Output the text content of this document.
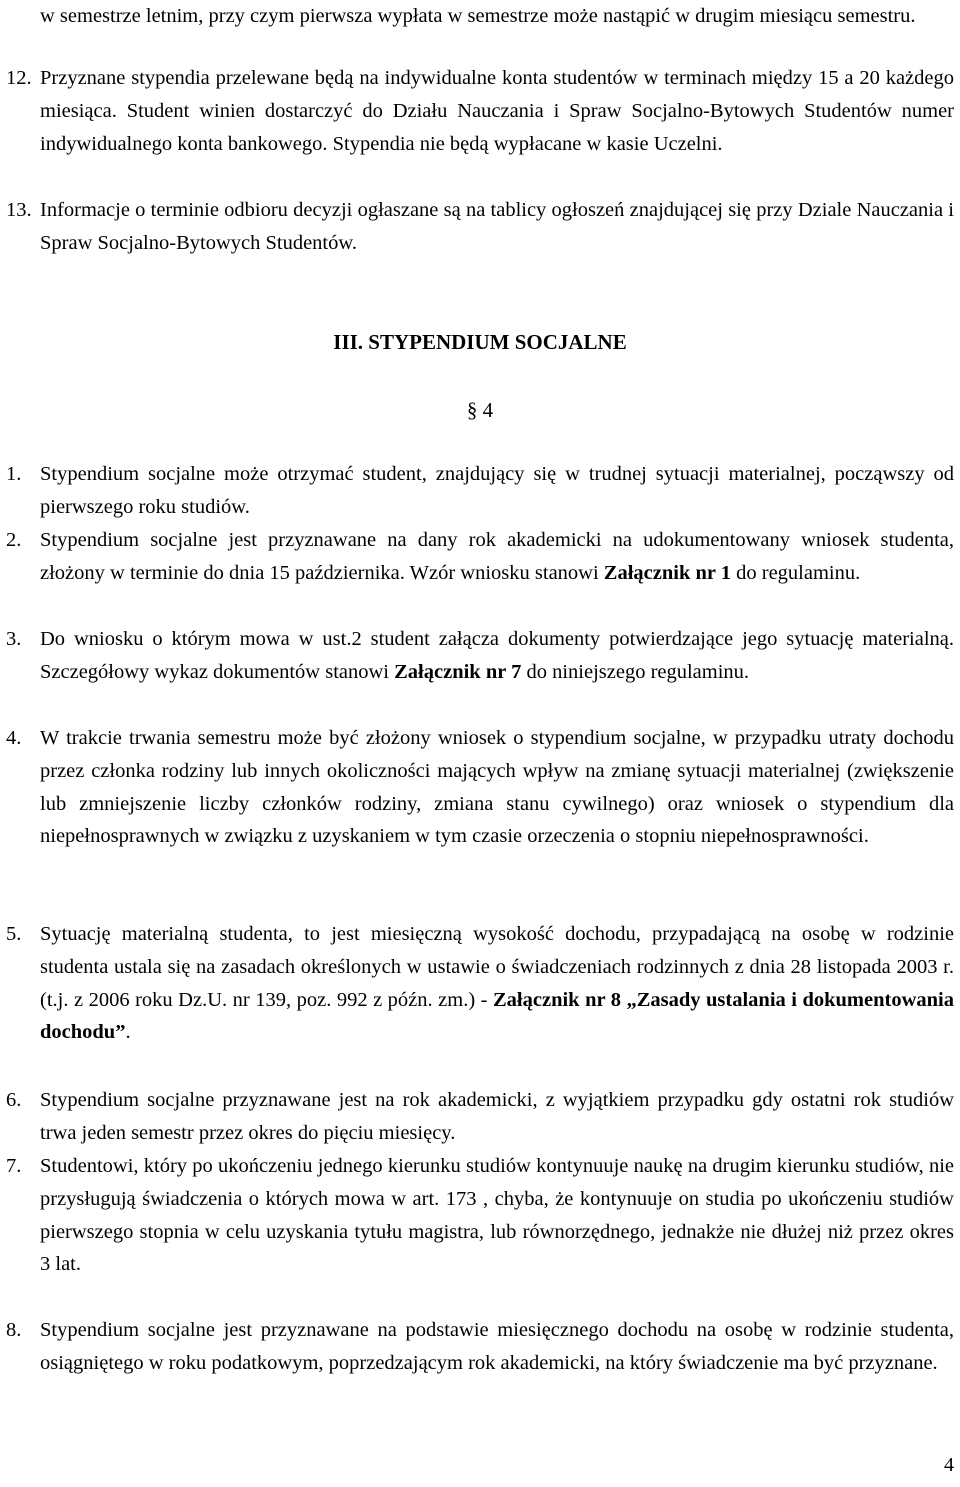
w semestrze letnim, przy czym pierwsza wypłata w semestrze może nastąpić w drugim miesiącu semestru.
12. Przyznane stypendia przelewane będą na indywidualne konta studentów w terminach między 15 a 20 każdego miesiąca. Student winien dostarczyć do Działu Nauczania i Spraw Socjalno-Bytowych Studentów numer indywidualnego konta bankowego. Stypendia nie będą wypłacane w kasie Uczelni.
13. Informacje o terminie odbioru decyzji ogłaszane są na tablicy ogłoszeń znajdującej się przy Dziale Nauczania i Spraw Socjalno-Bytowych Studentów.
III. STYPENDIUM SOCJALNE
§ 4
1. Stypendium socjalne może otrzymać student, znajdujący się w trudnej sytuacji materialnej, począwszy od pierwszego roku studiów.
2. Stypendium socjalne jest przyznawane na dany rok akademicki na udokumentowany wniosek studenta, złożony w terminie do dnia 15 października. Wzór wniosku stanowi Załącznik nr 1 do regulaminu.
3. Do wniosku o którym mowa w ust.2 student załącza dokumenty potwierdzające jego sytuację materialną. Szczegółowy wykaz dokumentów stanowi Załącznik nr 7 do niniejszego regulaminu.
4. W trakcie trwania semestru może być złożony wniosek o stypendium socjalne, w przypadku utraty dochodu przez członka rodziny lub innych okoliczności mających wpływ na zmianę sytuacji materialnej (zwiększenie lub zmniejszenie liczby członków rodziny, zmiana stanu cywilnego) oraz wniosek o stypendium dla niepełnosprawnych w związku z uzyskaniem w tym czasie orzeczenia o stopniu niepełnosprawności.
5. Sytuację materialną studenta, to jest miesięczną wysokość dochodu, przypadającą na osobę w rodzinie studenta ustala się na zasadach określonych w ustawie o świadczeniach rodzinnych z dnia 28 listopada 2003 r. (t.j. z 2006 roku Dz.U. nr 139, poz. 992 z późn. zm.) - Załącznik nr 8 „Zasady ustalania i dokumentowania dochodu”.
6. Stypendium socjalne przyznawane jest na rok akademicki, z wyjątkiem przypadku gdy ostatni rok studiów trwa jeden semestr przez okres do pięciu miesięcy.
7. Studentowi, który po ukończeniu jednego kierunku studiów kontynuuje naukę na drugim kierunku studiów, nie przysługują świadczenia o których mowa w art. 173 , chyba, że kontynuuje on studia po ukończeniu studiów pierwszego stopnia w celu uzyskania tytułu magistra, lub równorzędnego, jednakże nie dłużej niż przez okres 3 lat.
8. Stypendium socjalne jest przyznawane na podstawie miesięcznego dochodu na osobę w rodzinie studenta, osiągniętego w roku podatkowym, poprzedzającym rok akademicki, na który świadczenie ma być przyznane.
4
